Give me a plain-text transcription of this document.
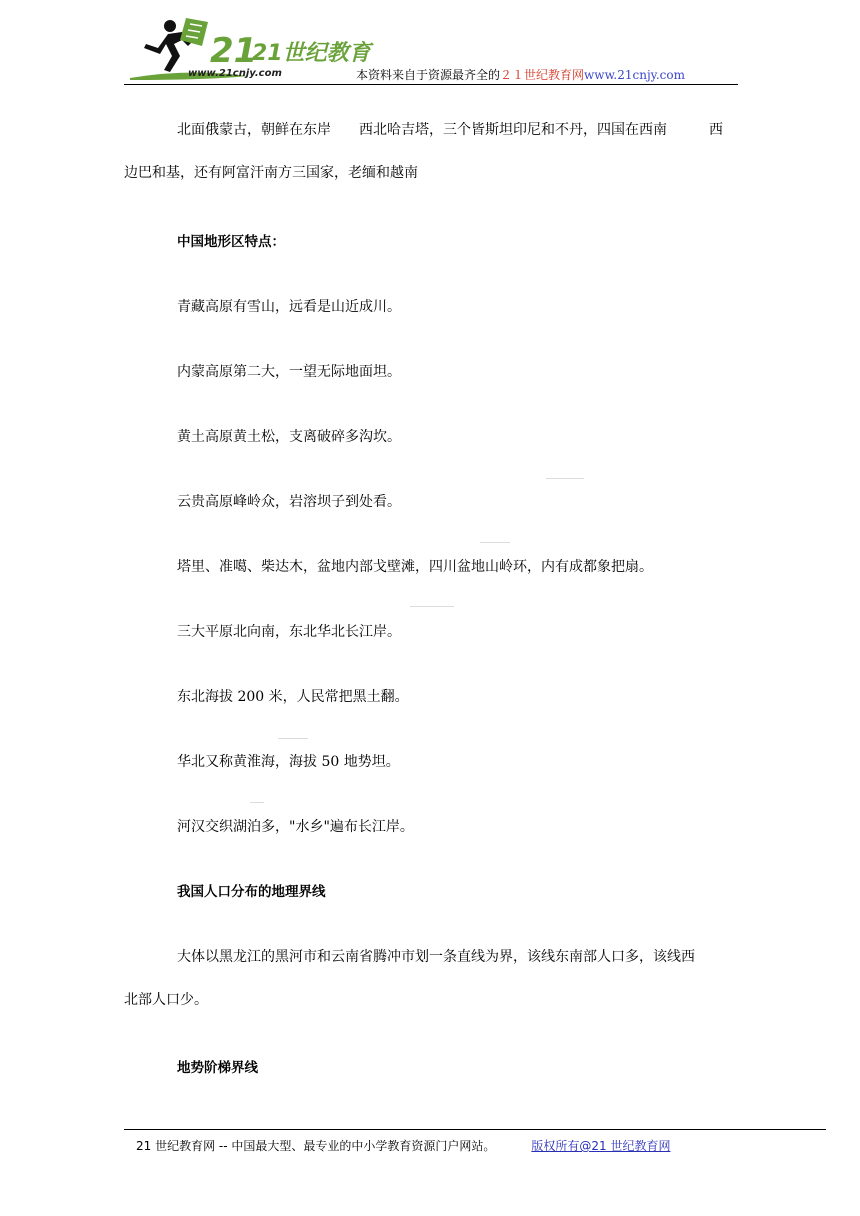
21
21世纪教育
www.21cnjy.com	本资料来自于资源最齐全的２１世纪教育网www.21cnjy.com
北面俄蒙古，朝鲜在东岸 西北哈吉塔，三个皆斯坦印尼和不丹，四国在西南	西
边巴和基，还有阿富汗南方三国家，老缅和越南
中国地形区特点：
青藏高原有雪山，远看是山近成川。
内蒙高原第二大，一望无际地面坦。
黄土高原黄土松，支离破碎多沟坎。
云贵高原峰岭众，岩溶坝子到处看。
塔里、准噶、柴达木，盆地内部戈壁滩，四川盆地山岭环，内有成都象把扇。
三大平原北向南，东北华北长江岸。
东北海拔 200 米，人民常把黑土翻。
华北又称黄淮海，海拔 50 地势坦。
河汉交织湖泊多，"水乡"遍布长江岸。
我国人口分布的地理界线
大体以黑龙江的黑河市和云南省腾冲市划一条直线为界，该线东南部人口多，该线西
北部人口少。
地势阶梯界线
21 世纪教育网 -- 中国最大型、最专业的中小学教育资源门户网站。	版权所有@21 世纪教育网
